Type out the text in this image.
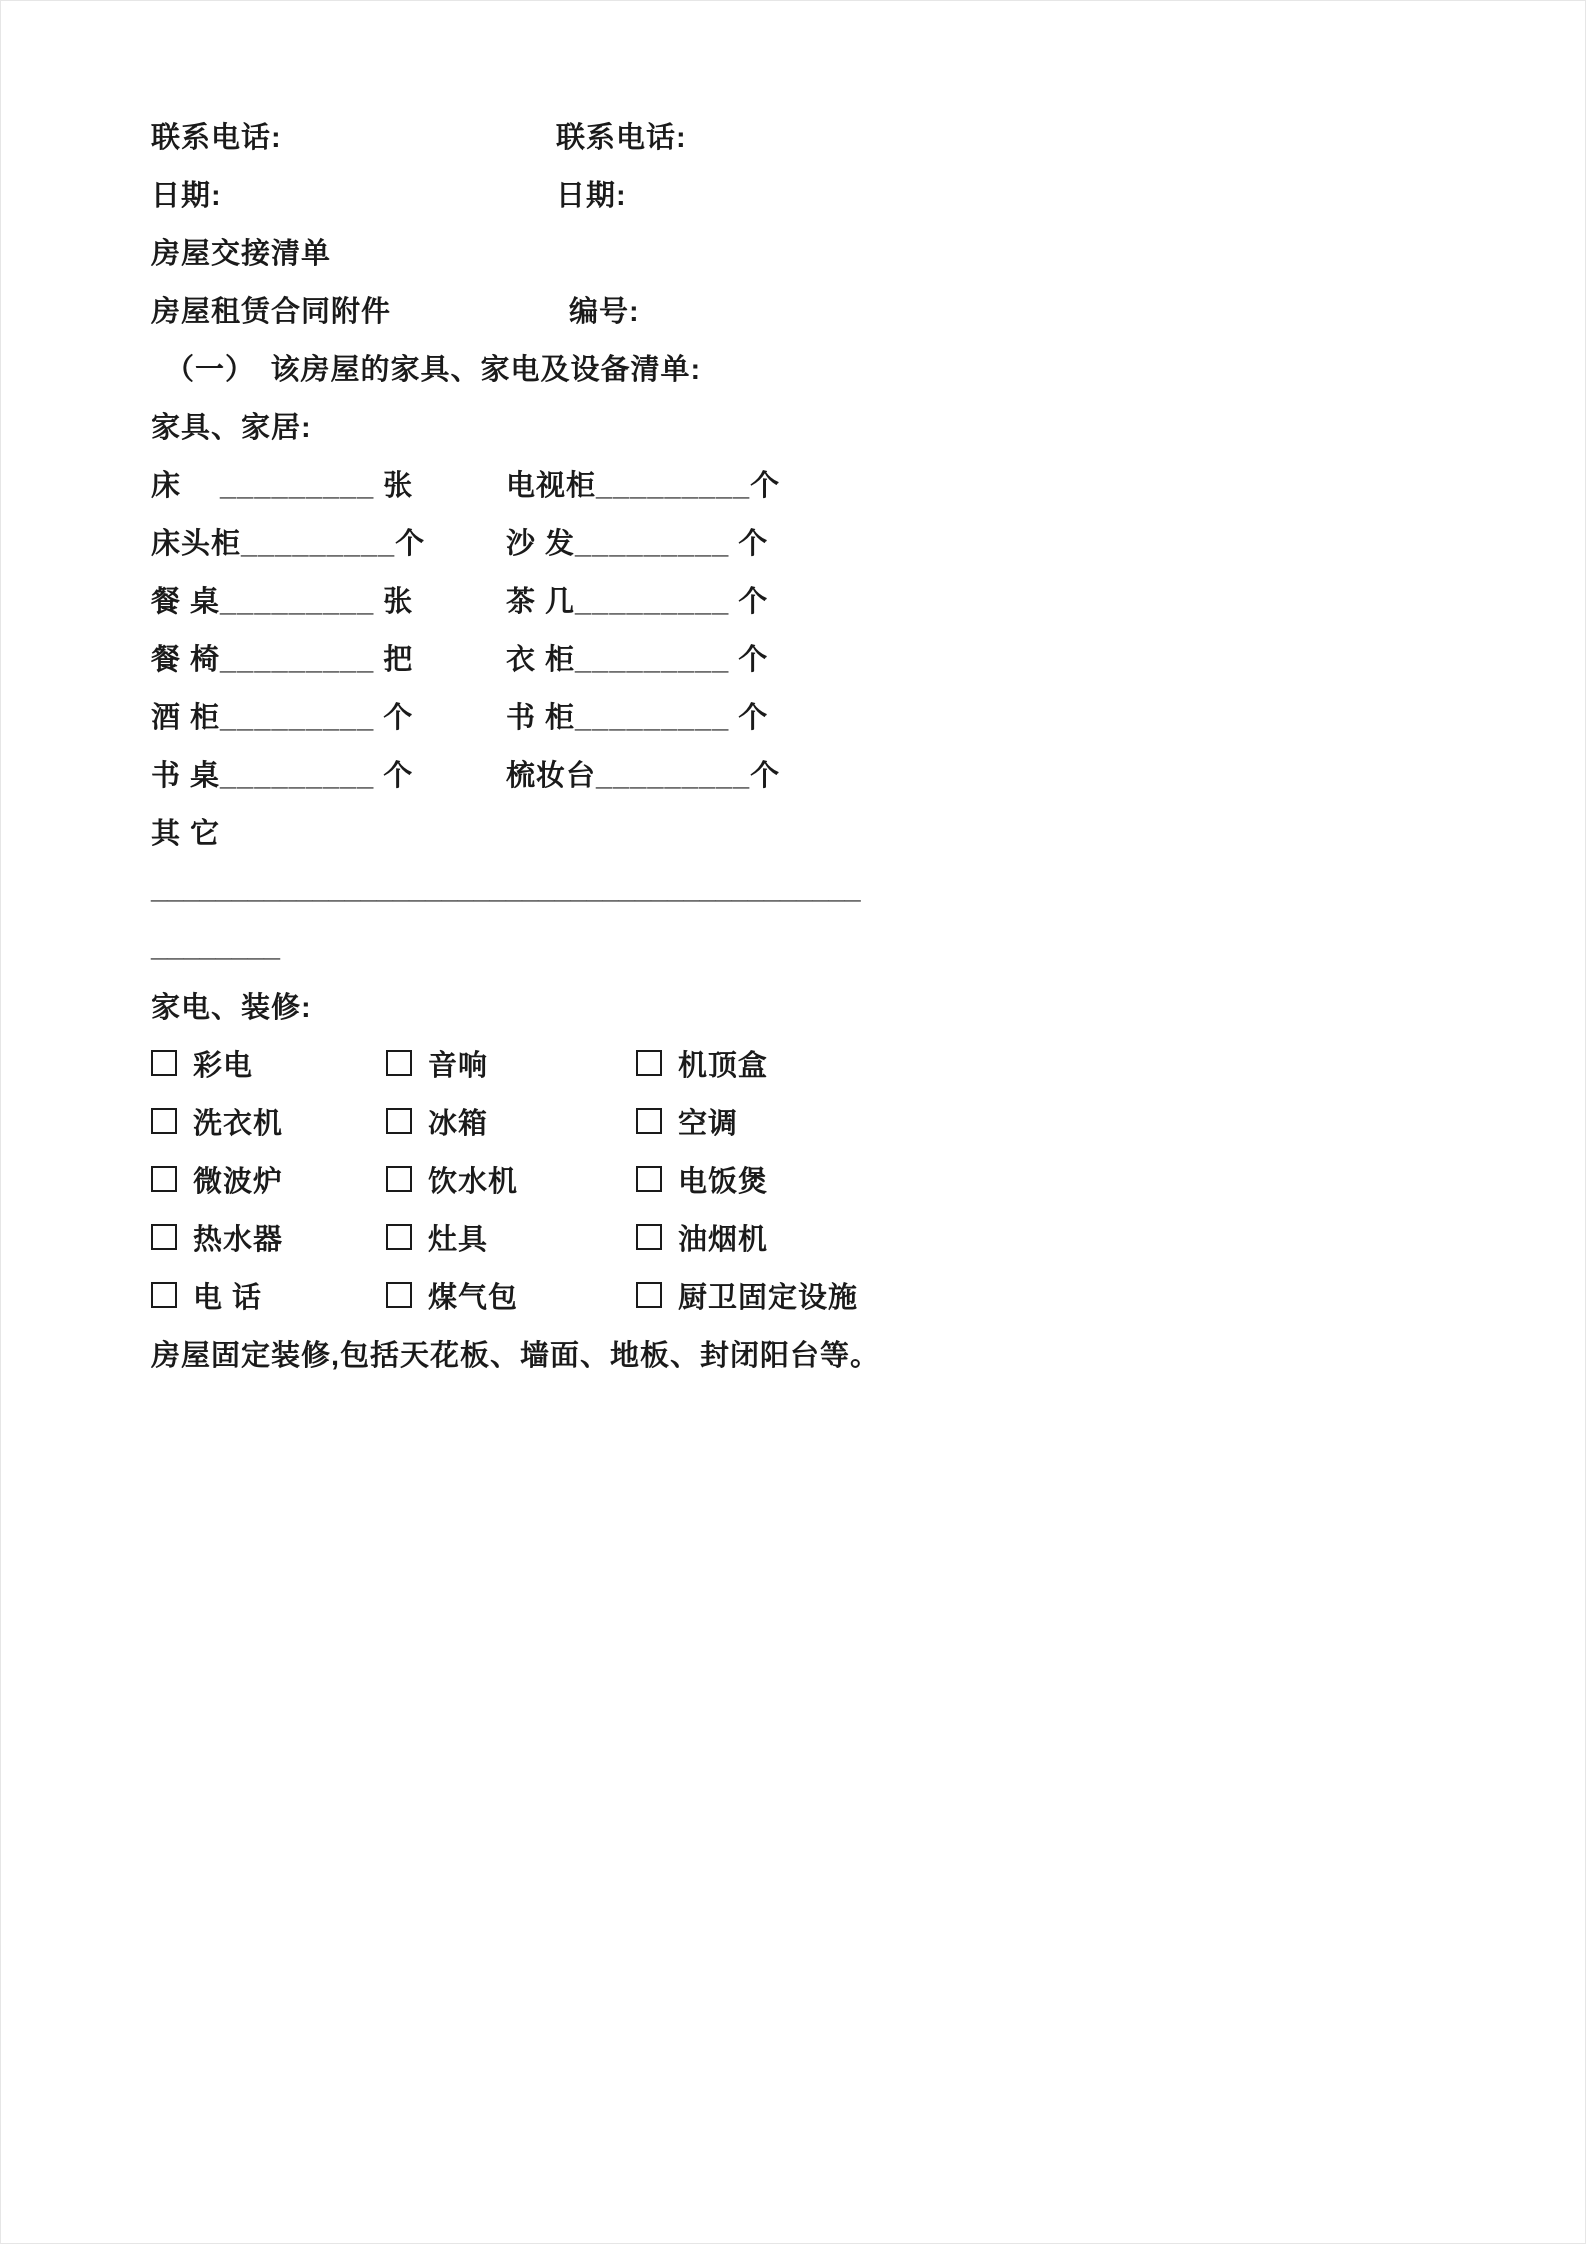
联系电话:	联系电话:
日期:	日期:
房屋交接清单
房屋租赁合同附件	编号:
（一）　该房屋的家具、家电及设备清单:
家具、家居:
床　 _________ 张	电视柜_________个
床头柜_________个	沙 发_________ 个
餐 桌_________ 张	茶 几_________ 个
餐 椅_________ 把	衣 柜_________ 个
酒 柜_________ 个	书 柜_________ 个
书 桌_________ 个	梳妆台_________个
其 它
____________________________________________
________
家电、装修:
彩电	音响	机顶盒
洗衣机	冰箱	空调
微波炉	饮水机	电饭煲
热水器	灶具	油烟机
电 话	煤气包	厨卫固定设施
房屋固定装修,包括天花板、墙面、地板、封闭阳台等。
